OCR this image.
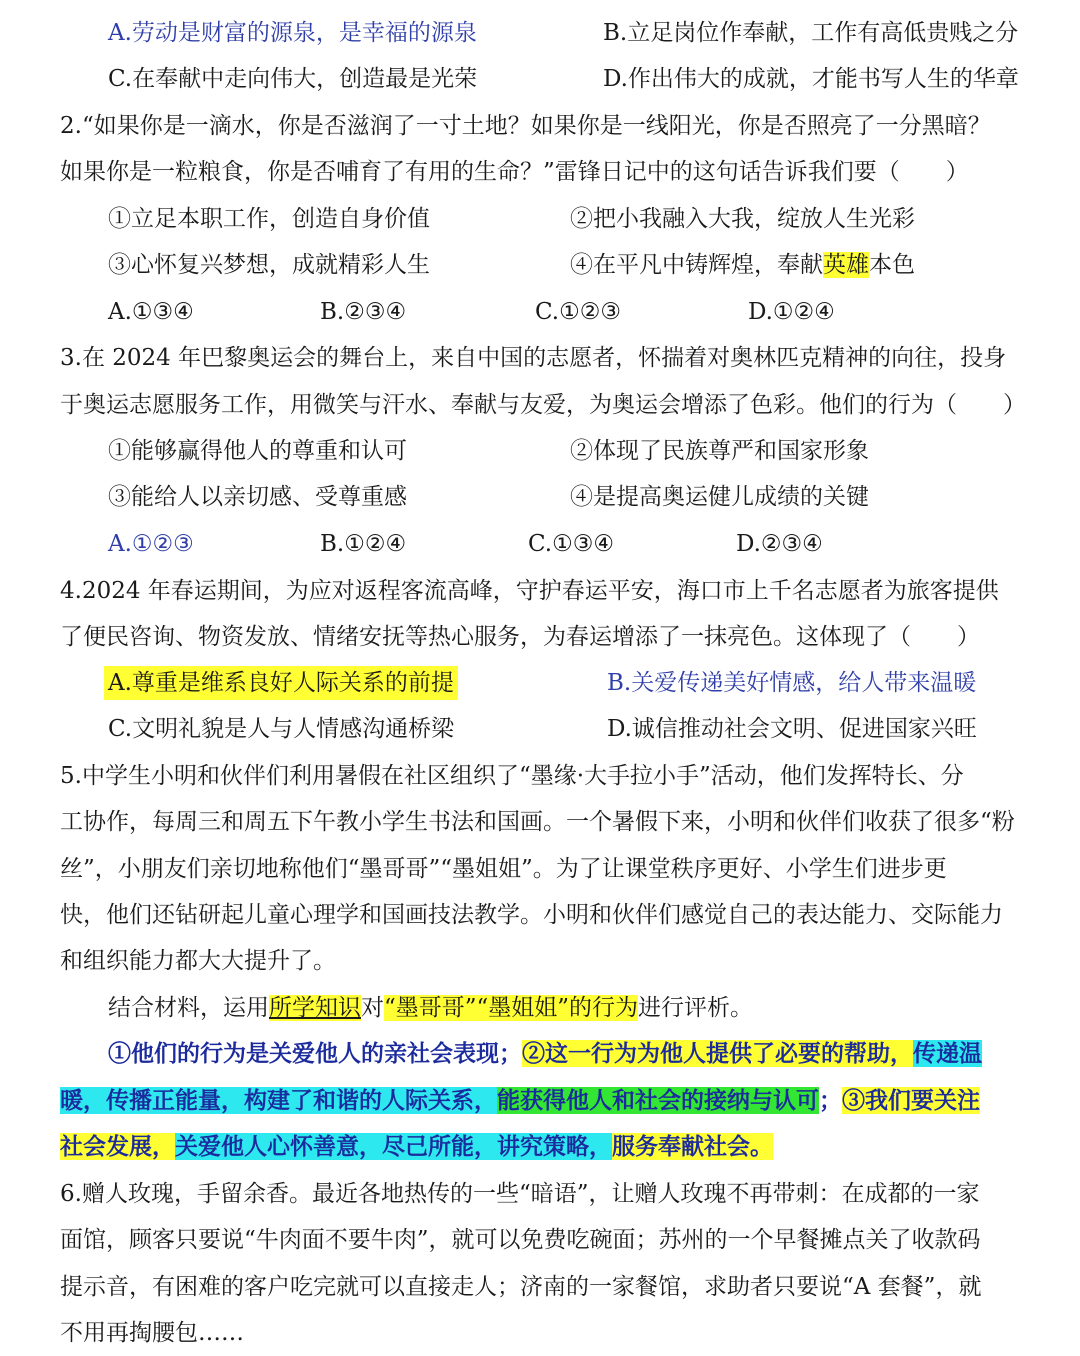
A.劳动是财富的源泉，是幸福的源泉	B.立足岗位作奉献，工作有高低贵贱之分
C.在奉献中走向伟大，创造最是光荣	D.作出伟大的成就，才能书写人生的华章
2.“如果你是一滴水，你是否滋润了一寸土地？如果你是一线阳光，你是否照亮了一分黑暗？
如果你是一粒粮食，你是否哺育了有用的生命？”雷锋日记中的这句话告诉我们要（　　）
①立足本职工作，创造自身价值	②把小我融入大我，绽放人生光彩
③心怀复兴梦想，成就精彩人生	④在平凡中铸辉煌，奉献英雄本色
A.①③④	B.②③④	C.①②③	D.①②④
3.在 2024 年巴黎奥运会的舞台上，来自中国的志愿者，怀揣着对奥林匹克精神的向往，投身
于奥运志愿服务工作，用微笑与汗水、奉献与友爱，为奥运会增添了色彩。他们的行为（　　）
①能够赢得他人的尊重和认可	②体现了民族尊严和国家形象
③能给人以亲切感、受尊重感	④是提高奥运健儿成绩的关键
A.①②③	B.①②④	C.①③④	D.②③④
4.2024 年春运期间，为应对返程客流高峰，守护春运平安，海口市上千名志愿者为旅客提供
了便民咨询、物资发放、情绪安抚等热心服务，为春运增添了一抹亮色。这体现了（　　）
A.尊重是维系良好人际关系的前提	B.关爱传递美好情感，给人带来温暖
C.文明礼貌是人与人情感沟通桥梁	D.诚信推动社会文明、促进国家兴旺
5.中学生小明和伙伴们利用暑假在社区组织了“墨缘·大手拉小手”活动，他们发挥特长、分
工协作，每周三和周五下午教小学生书法和国画。一个暑假下来，小明和伙伴们收获了很多“粉
丝”，小朋友们亲切地称他们“墨哥哥”“墨姐姐”。为了让课堂秩序更好、小学生们进步更
快，他们还钻研起儿童心理学和国画技法教学。小明和伙伴们感觉自己的表达能力、交际能力
和组织能力都大大提升了。
结合材料，运用所学知识对“墨哥哥”“墨姐姐”的行为进行评析。
①他们的行为是关爱他人的亲社会表现；②这一行为为他人提供了必要的帮助，传递温
暖，传播正能量，构建了和谐的人际关系，能获得他人和社会的接纳与认可；③我们要关注
社会发展，关爱他人心怀善意，尽己所能，讲究策略，服务奉献社会。
6.赠人玫瑰，手留余香。最近各地热传的一些“暗语”，让赠人玫瑰不再带刺：在成都的一家
面馆，顾客只要说“牛肉面不要牛肉”，就可以免费吃碗面；苏州的一个早餐摊点关了收款码
提示音，有困难的客户吃完就可以直接走人；济南的一家餐馆，求助者只要说“A 套餐”，就
不用再掏腰包……
